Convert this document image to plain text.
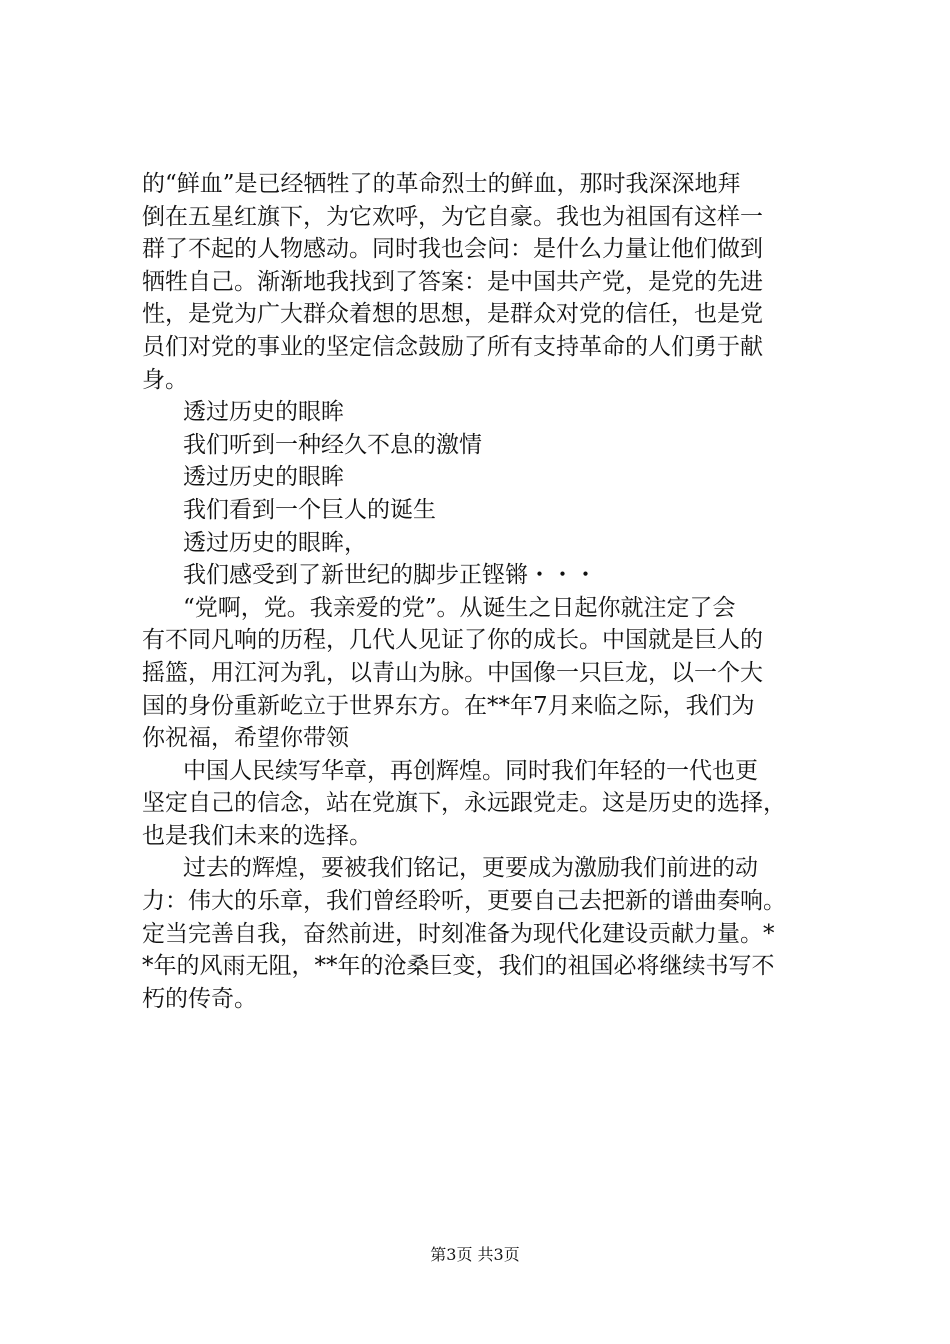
的“鲜血”是已经牺牲了的革命烈士的鲜血，那时我深深地拜
倒在五星红旗下，为它欢呼，为它自豪。我也为祖国有这样一
群了不起的人物感动。同时我也会问：是什么力量让他们做到
牺牲自己。渐渐地我找到了答案：是中国共产党，是党的先进
性，是党为广大群众着想的思想，是群众对党的信任，也是党
员们对党的事业的坚定信念鼓励了所有支持革命的人们勇于献
身。
透过历史的眼眸
我们听到一种经久不息的激情
透过历史的眼眸
我们看到一个巨人的诞生
透过历史的眼眸，
我们感受到了新世纪的脚步正铿锵・・・
“党啊，党。我亲爱的党”。从诞生之日起你就注定了会
有不同凡响的历程，几代人见证了你的成长。中国就是巨人的
摇篮，用江河为乳，以青山为脉。中国像一只巨龙，以一个大
国的身份重新屹立于世界东方。在**年7月来临之际，我们为
你祝福，希望你带领
中国人民续写华章，再创辉煌。同时我们年轻的一代也更
坚定自己的信念，站在党旗下，永远跟党走。这是历史的选择，
也是我们未来的选择。
过去的辉煌，要被我们铭记，更要成为激励我们前进的动
力：伟大的乐章，我们曾经聆听，更要自己去把新的谱曲奏响。
定当完善自我，奋然前进，时刻准备为现代化建设贡献力量。*
*年的风雨无阻，**年的沧桑巨变，我们的祖国必将继续书写不
朽的传奇。
第3页 共3页
